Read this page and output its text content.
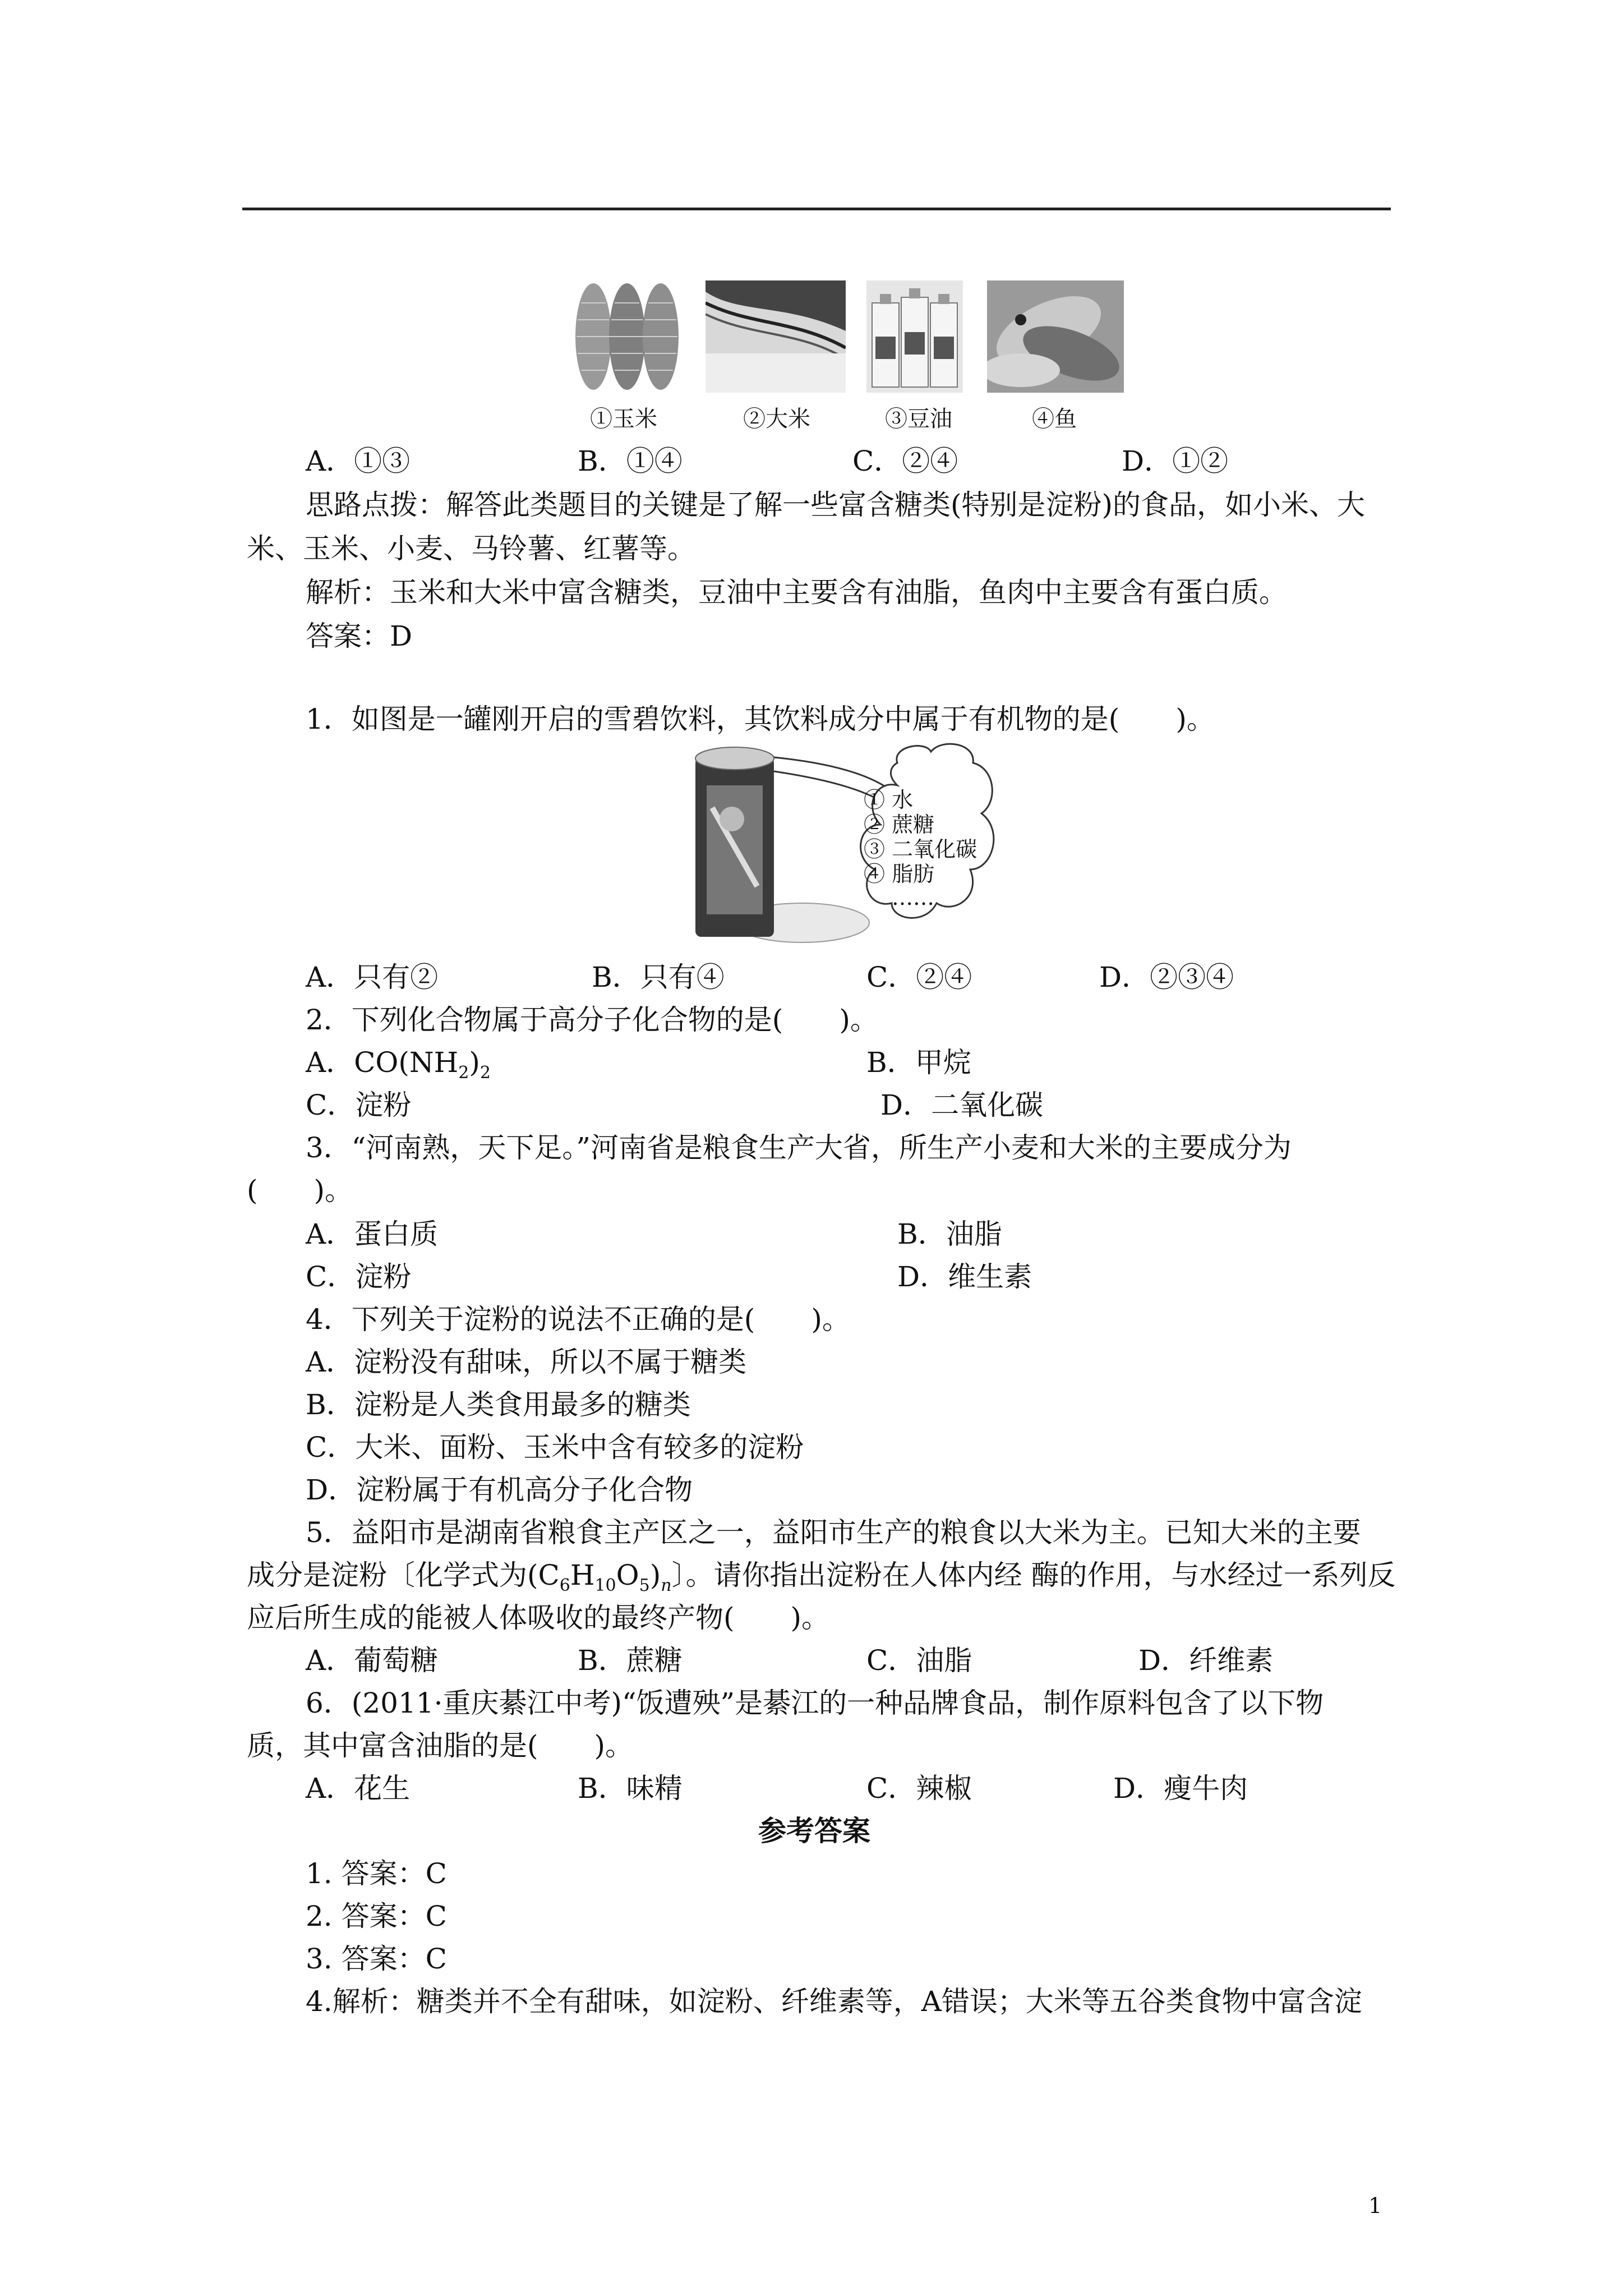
①玉米	②大米	③豆油	④鱼
A．①③	B．①④	C．②④	D．①②
思路点拨：解答此类题目的关键是了解一些富含糖类(特别是淀粉)的食品，如小米、大
米、玉米、小麦、马铃薯、红薯等。
解析：玉米和大米中富含糖类，豆油中主要含有油脂，鱼肉中主要含有蛋白质。
答案：D
1．如图是一罐刚开启的雪碧饮料，其饮料成分中属于有机物的是(　　)。
① 水
② 蔗糖
③ 二氧化碳
④ 脂肪
……
A．只有②	B．只有④	C．②④	D．②③④
2．下列化合物属于高分子化合物的是(　　)。
A．$CO(NH_2)_2$	B．甲烷
C．淀粉	D．二氧化碳
3．“河南熟，天下足。”河南省是粮食生产大省，所生产小麦和大米的主要成分为
(　　)。
A．蛋白质	B．油脂
C．淀粉	D．维生素
4．下列关于淀粉的说法不正确的是(　　)。
A．淀粉没有甜味，所以不属于糖类
B．淀粉是人类食用最多的糖类
C．大米、面粉、玉米中含有较多的淀粉
D．淀粉属于有机高分子化合物
5．益阳市是湖南省粮食主产区之一，益阳市生产的粮食以大米为主。已知大米的主要
成分是淀粉〔化学式为$(C_6H_{10}O_5)_n$〕。请你指出淀粉在人体内经 酶的作用，与水经过一系列反
应后所生成的能被人体吸收的最终产物(　　)。
A．葡萄糖	B．蔗糖	C．油脂	D．纤维素
6．(2011·重庆綦江中考)“饭遭殃”是綦江的一种品牌食品，制作原料包含了以下物
质，其中富含油脂的是(　　)。
A．花生	B．味精	C．辣椒	D．瘦牛肉
参考答案
1. 答案：C
2. 答案：C
3. 答案：C
4.解析：糖类并不全有甜味，如淀粉、纤维素等，A错误；大米等五谷类食物中富含淀
1
